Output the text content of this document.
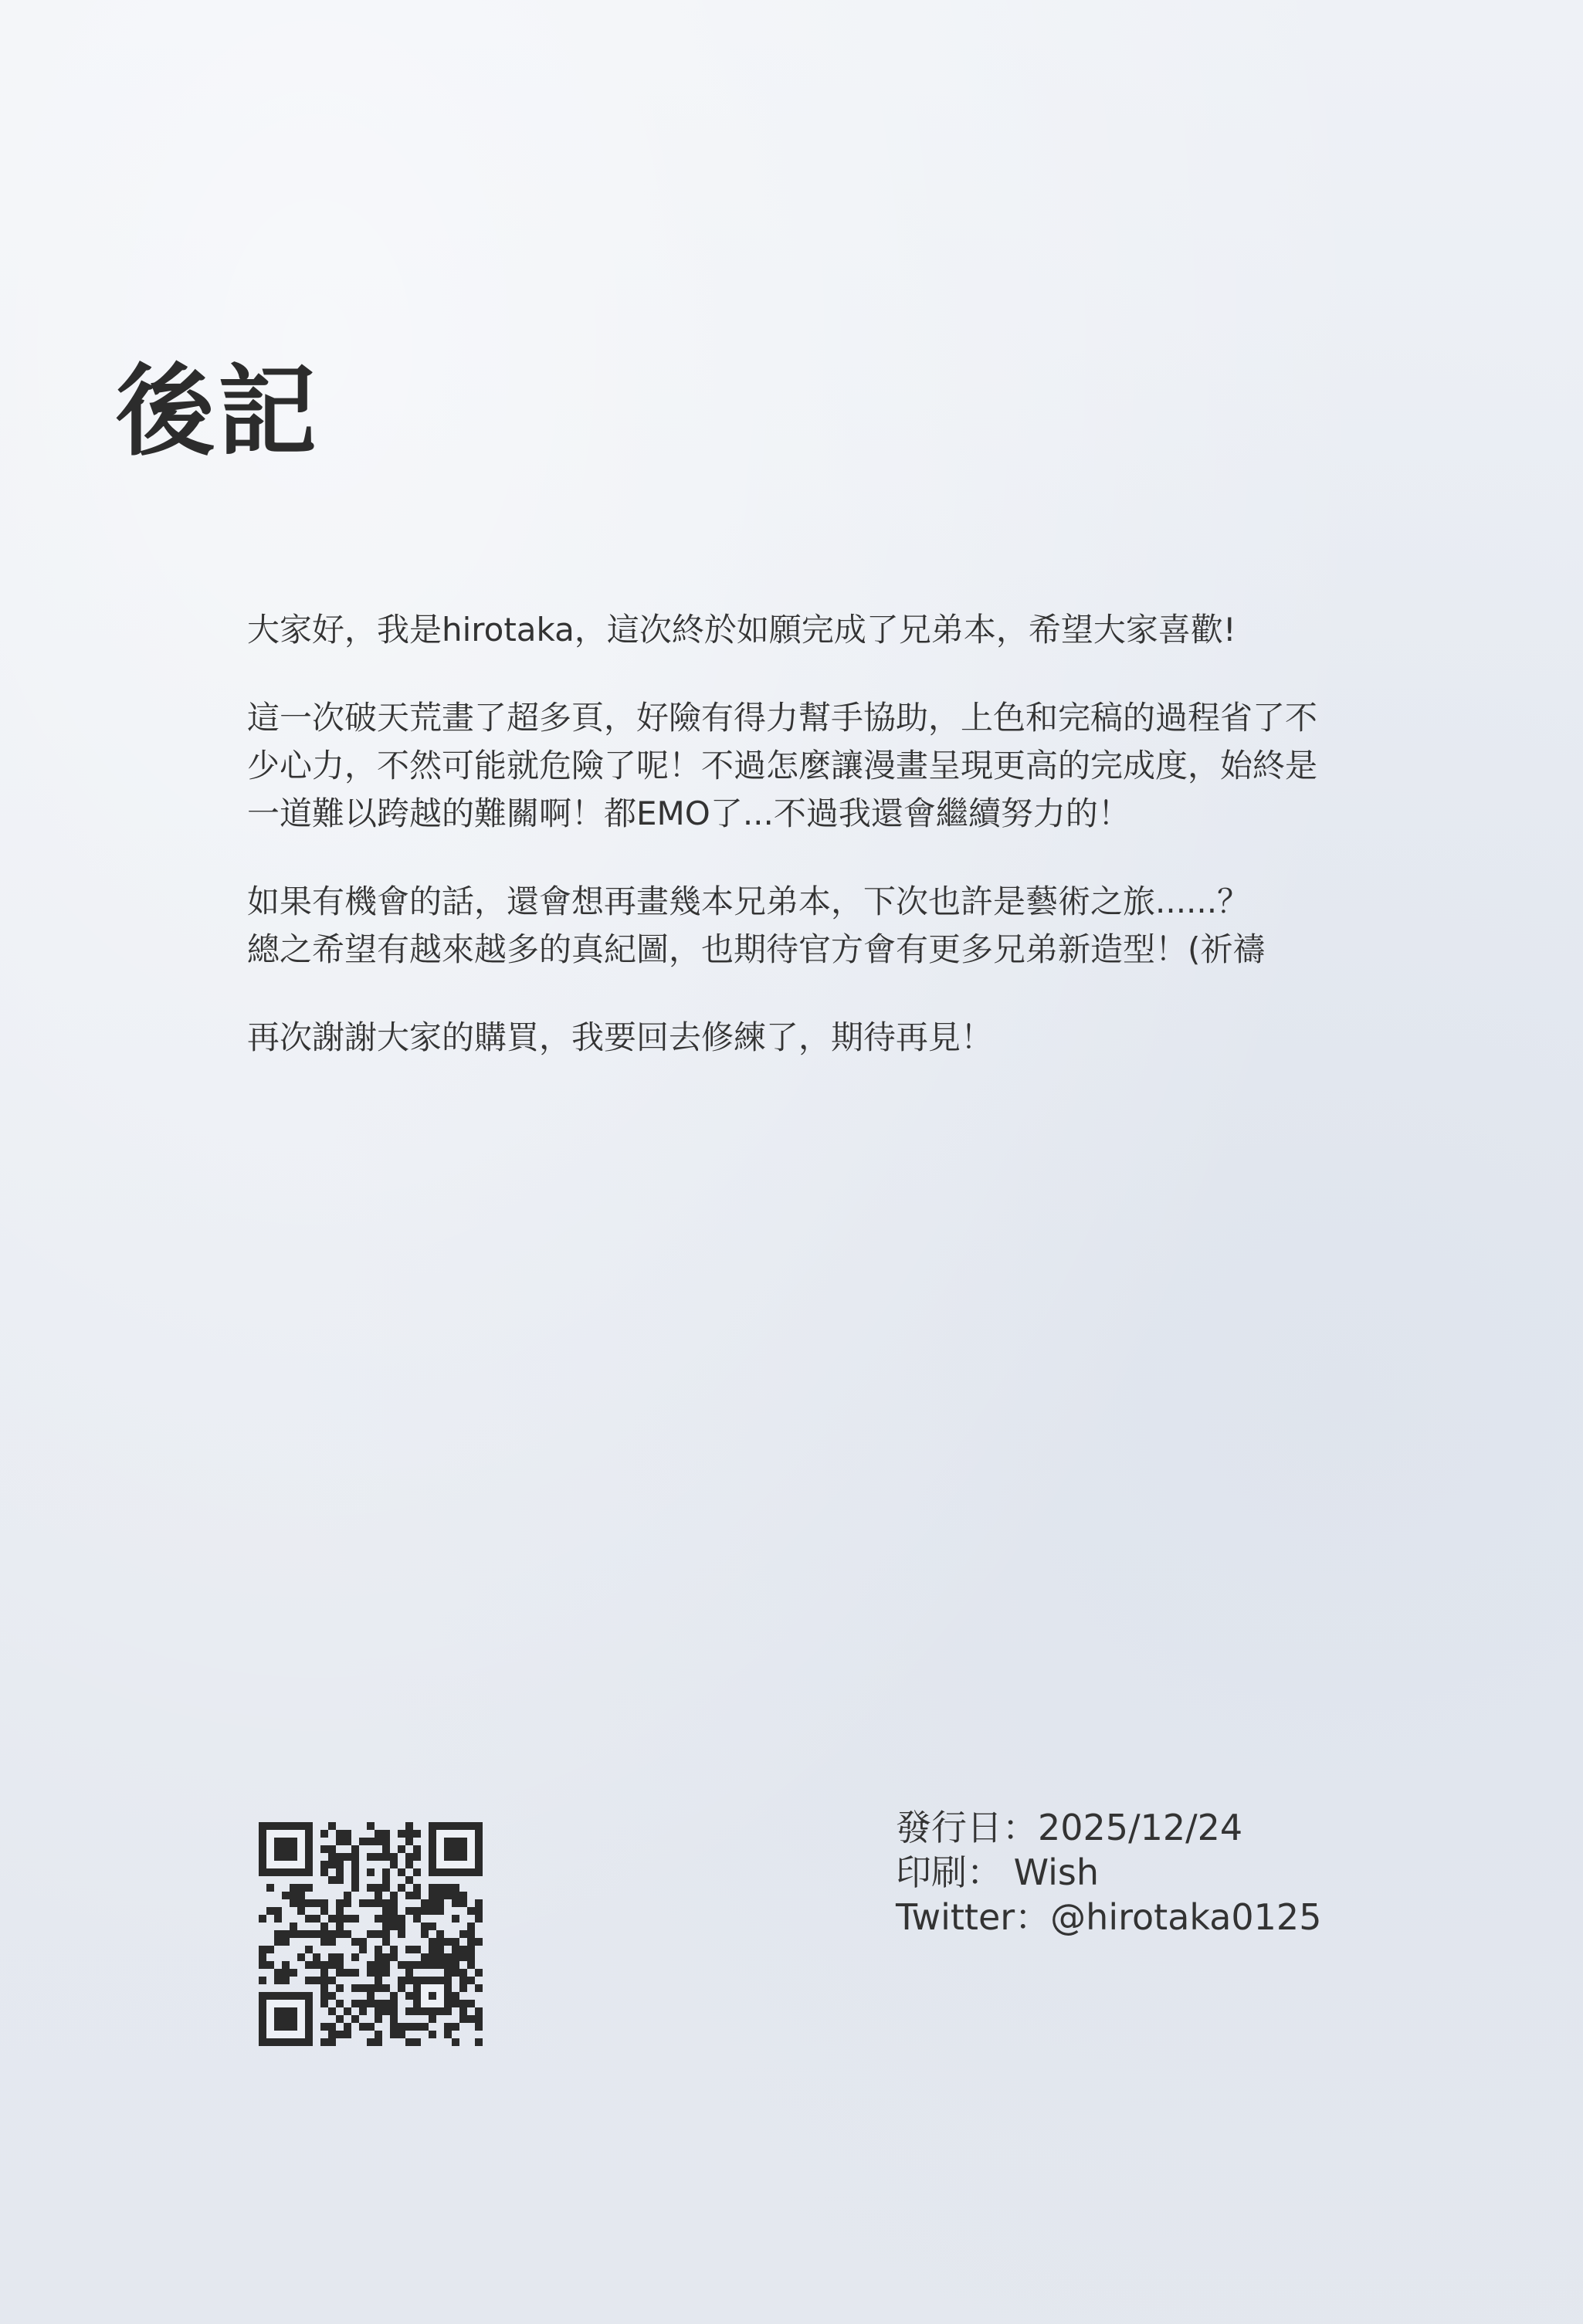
後記

大家好，我是hirotaka，這次終於如願完成了兄弟本，希望大家喜歡!

這一次破天荒畫了超多頁，好險有得力幫手協助，上色和完稿的過程省了不
少心力，不然可能就危險了呢！不過怎麼讓漫畫呈現更高的完成度，始終是
一道難以跨越的難關啊！都EMO了...不過我還會繼續努力的！

如果有機會的話，還會想再畫幾本兄弟本，下次也許是藝術之旅......？
總之希望有越來越多的真紀圖，也期待官方會有更多兄弟新造型！(祈禱

再次謝謝大家的購買，我要回去修練了，期待再見！

發行日：2025/12/24
印刷： Wish
Twitter：@hirotaka0125
